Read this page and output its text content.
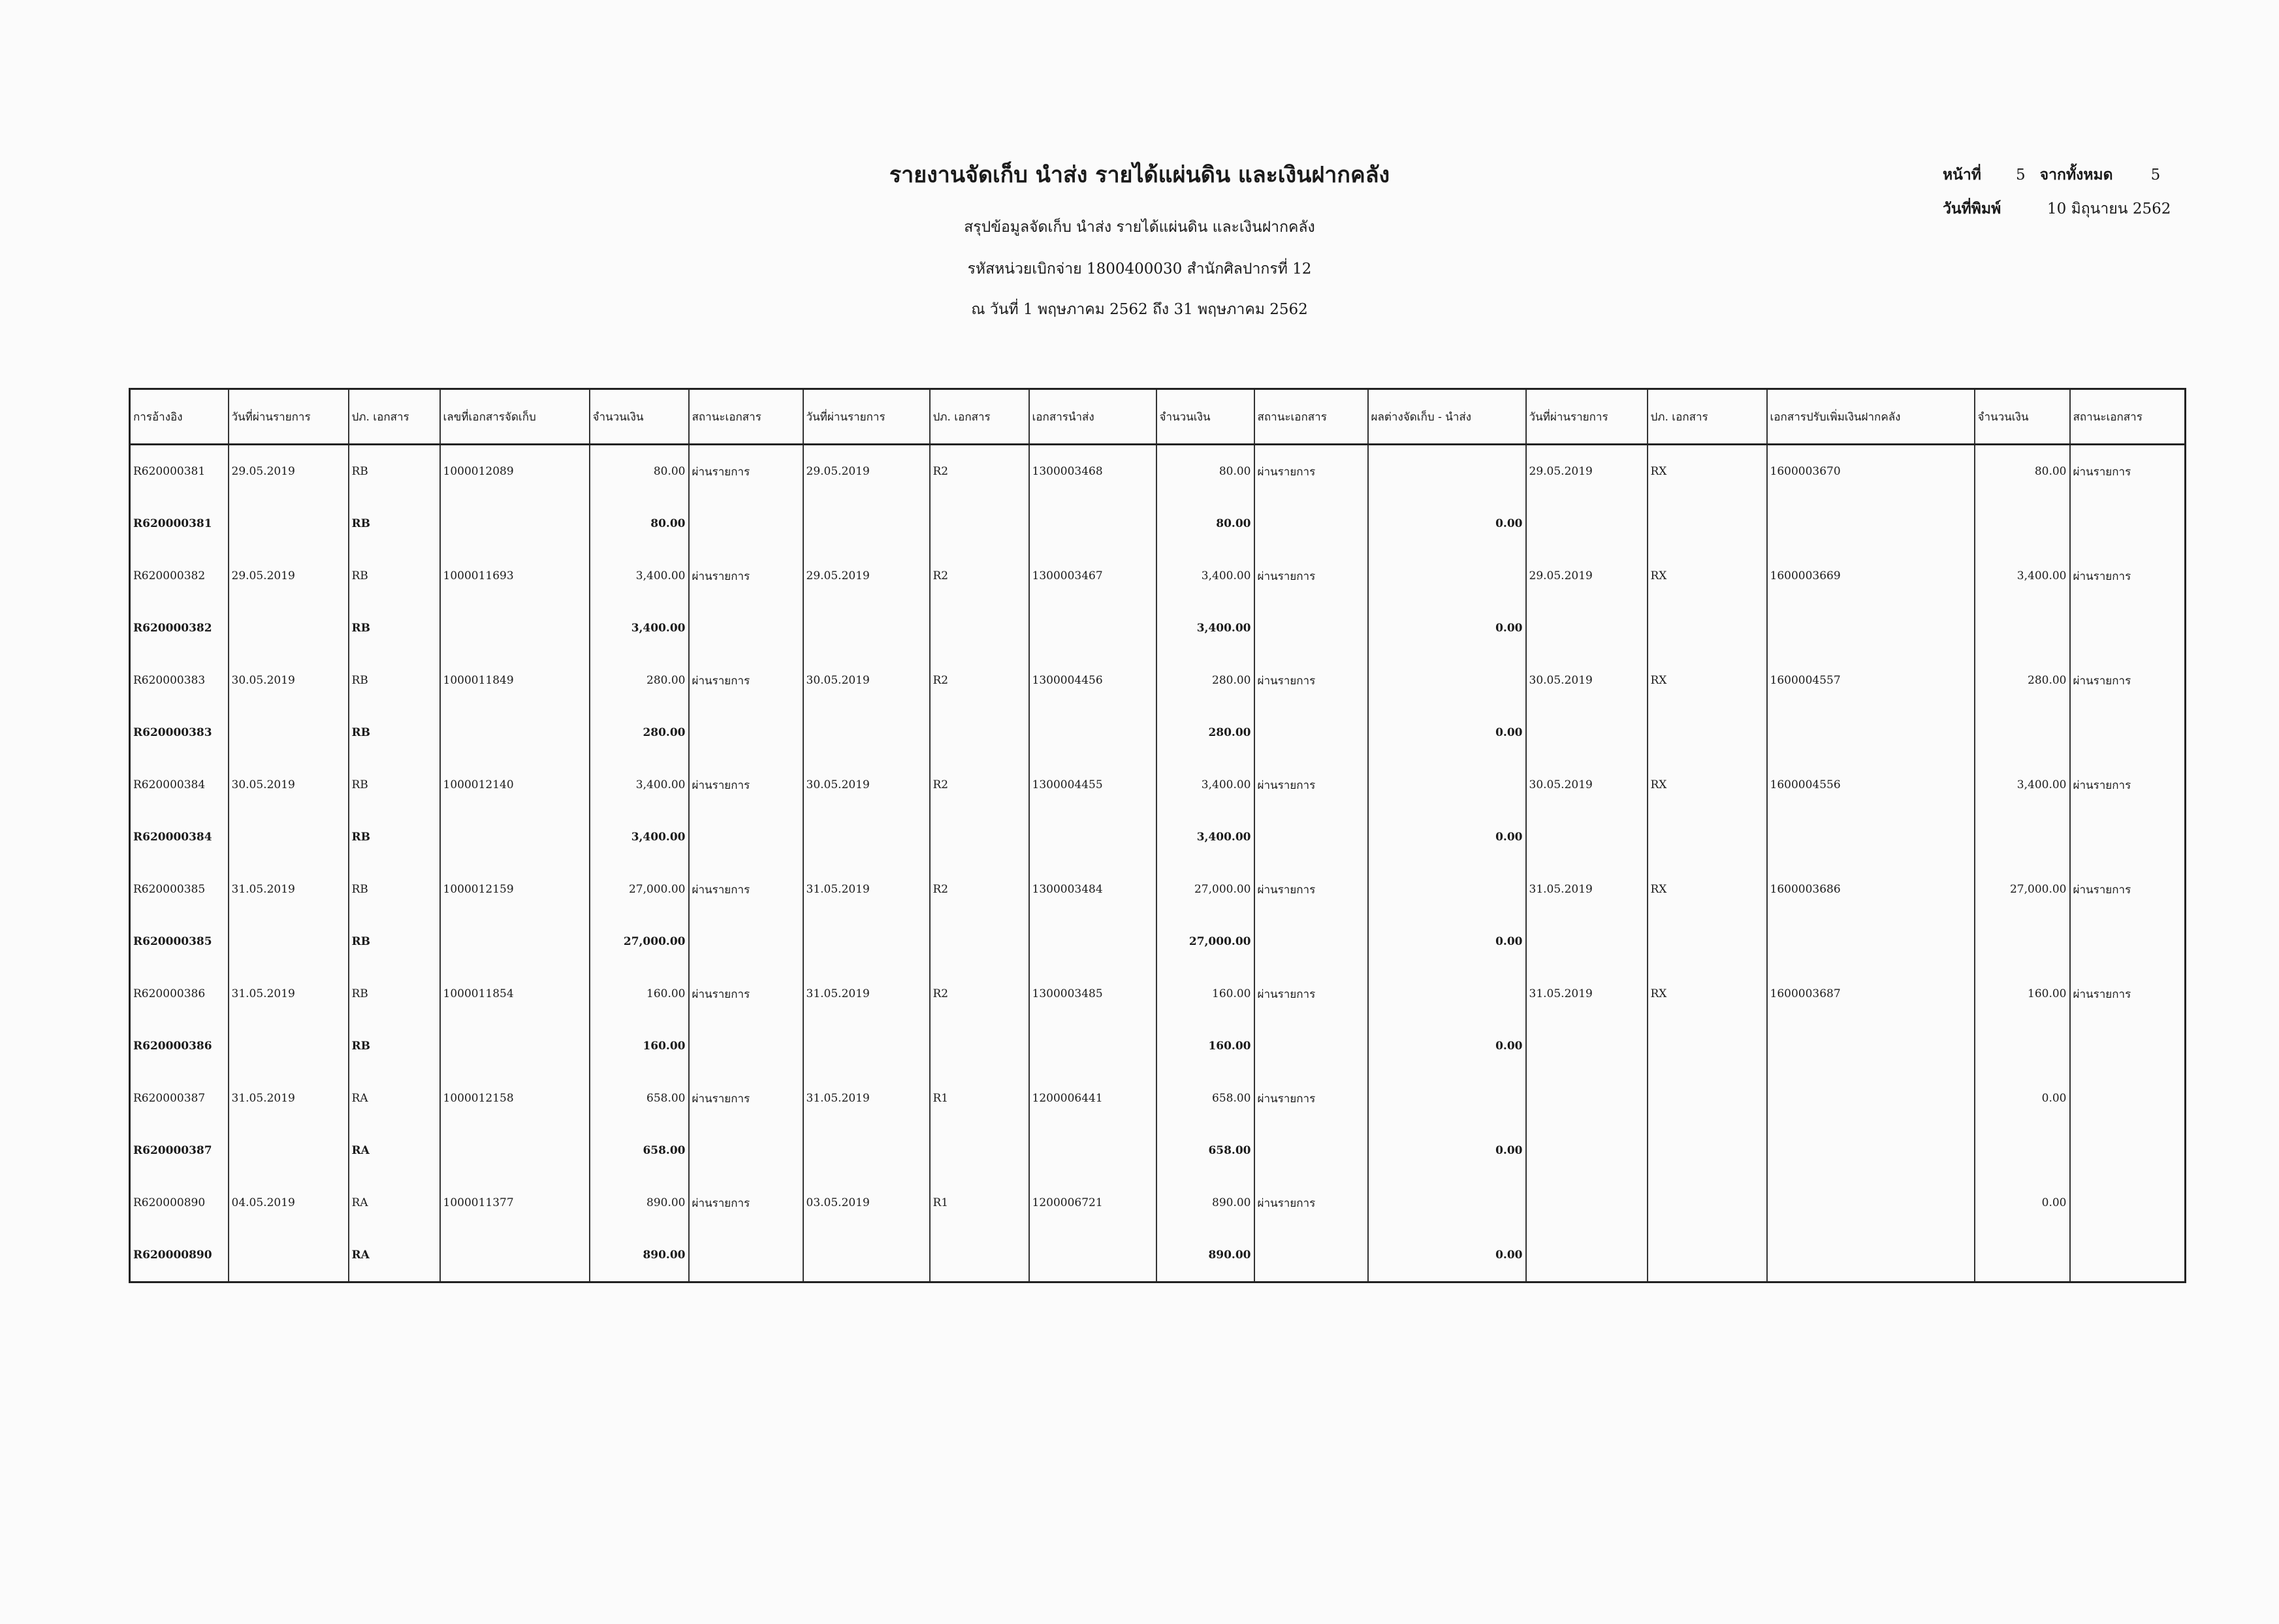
รายงานจัดเก็บ นำส่ง รายได้แผ่นดิน และเงินฝากคลัง
สรุปข้อมูลจัดเก็บ นำส่ง รายได้แผ่นดิน และเงินฝากคลัง
รหัสหน่วยเบิกจ่าย 1800400030 สำนักศิลปากรที่ 12
ณ วันที่ 1 พฤษภาคม 2562 ถึง 31 พฤษภาคม 2562
หน้าที่	5 จากทั้งหมด	5
วันที่พิมพ์	10 มิถุนายน 2562
การอ้างอิง	วันที่ผ่านรายการ	ปภ. เอกสาร	เลขที่เอกสารจัดเก็บ	จำนวนเงิน	สถานะเอกสาร	วันที่ผ่านรายการ	ปภ. เอกสาร	เอกสารนำส่ง	จำนวนเงิน	สถานะเอกสาร	ผลต่างจัดเก็บ - นำส่ง	วันที่ผ่านรายการ	ปภ. เอกสาร	เอกสารปรับเพิ่มเงินฝากคลัง	จำนวนเงิน	สถานะเอกสาร
R620000381	29.05.2019	RB	1000012089	80.00	ผ่านรายการ	29.05.2019	R2	1300003468	80.00	ผ่านรายการ		29.05.2019	RX	1600003670	80.00	ผ่านรายการ
R620000381		RB		80.00					80.00		0.00					
R620000382	29.05.2019	RB	1000011693	3,400.00	ผ่านรายการ	29.05.2019	R2	1300003467	3,400.00	ผ่านรายการ		29.05.2019	RX	1600003669	3,400.00	ผ่านรายการ
R620000382		RB		3,400.00					3,400.00		0.00					
R620000383	30.05.2019	RB	1000011849	280.00	ผ่านรายการ	30.05.2019	R2	1300004456	280.00	ผ่านรายการ		30.05.2019	RX	1600004557	280.00	ผ่านรายการ
R620000383		RB		280.00					280.00		0.00					
R620000384	30.05.2019	RB	1000012140	3,400.00	ผ่านรายการ	30.05.2019	R2	1300004455	3,400.00	ผ่านรายการ		30.05.2019	RX	1600004556	3,400.00	ผ่านรายการ
R620000384		RB		3,400.00					3,400.00		0.00					
R620000385	31.05.2019	RB	1000012159	27,000.00	ผ่านรายการ	31.05.2019	R2	1300003484	27,000.00	ผ่านรายการ		31.05.2019	RX	1600003686	27,000.00	ผ่านรายการ
R620000385		RB		27,000.00					27,000.00		0.00					
R620000386	31.05.2019	RB	1000011854	160.00	ผ่านรายการ	31.05.2019	R2	1300003485	160.00	ผ่านรายการ		31.05.2019	RX	1600003687	160.00	ผ่านรายการ
R620000386		RB		160.00					160.00		0.00					
R620000387	31.05.2019	RA	1000012158	658.00	ผ่านรายการ	31.05.2019	R1	1200006441	658.00	ผ่านรายการ					0.00	
R620000387		RA		658.00					658.00		0.00					
R620000890	04.05.2019	RA	1000011377	890.00	ผ่านรายการ	03.05.2019	R1	1200006721	890.00	ผ่านรายการ					0.00	
R620000890		RA		890.00					890.00		0.00					
